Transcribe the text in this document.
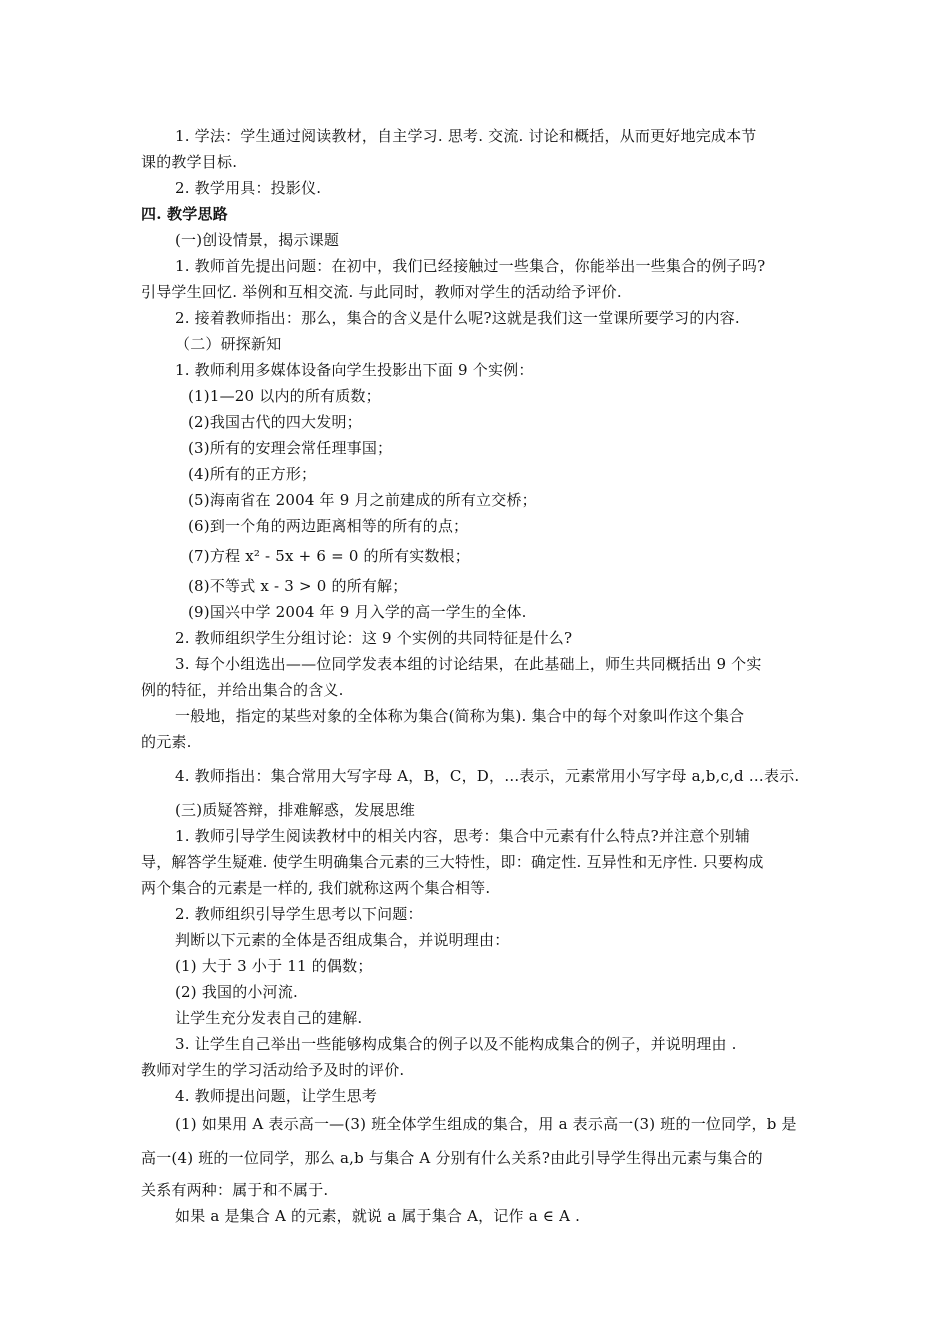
1. 学法：学生通过阅读教材，自主学习. 思考. 交流. 讨论和概括，从而更好地完成本节
课的教学目标.
2. 教学用具：投影仪.
四. 教学思路
(一)创设情景，揭示课题
1. 教师首先提出问题：在初中，我们已经接触过一些集合，你能举出一些集合的例子吗?
引导学生回忆. 举例和互相交流. 与此同时，教师对学生的活动给予评价.
2. 接着教师指出：那么，集合的含义是什么呢?这就是我们这一堂课所要学习的内容.
（二）研探新知
1. 教师利用多媒体设备向学生投影出下面 9 个实例：
(1)1—20 以内的所有质数；
(2)我国古代的四大发明；
(3)所有的安理会常任理事国；
(4)所有的正方形；
(5)海南省在 2004 年 9 月之前建成的所有立交桥；
(6)到一个角的两边距离相等的所有的点；
(7)方程 x² - 5x + 6 = 0 的所有实数根；
(8)不等式 x - 3 > 0 的所有解；
(9)国兴中学 2004 年 9 月入学的高一学生的全体.
2. 教师组织学生分组讨论：这 9 个实例的共同特征是什么?
3. 每个小组选出——位同学发表本组的讨论结果，在此基础上，师生共同概括出 9 个实
例的特征，并给出集合的含义.
一般地，指定的某些对象的全体称为集合(简称为集). 集合中的每个对象叫作这个集合
的元素.
4. 教师指出：集合常用大写字母 A，B，C，D，…表示，元素常用小写字母 a,b,c,d …表示.
(三)质疑答辩，排难解惑，发展思维
1. 教师引导学生阅读教材中的相关内容，思考：集合中元素有什么特点?并注意个别辅
导，解答学生疑难. 使学生明确集合元素的三大特性，即：确定性. 互异性和无序性. 只要构成
两个集合的元素是一样的, 我们就称这两个集合相等.
2. 教师组织引导学生思考以下问题：
判断以下元素的全体是否组成集合，并说明理由：
(1) 大于 3 小于 11 的偶数；
(2) 我国的小河流.
让学生充分发表自己的建解.
3. 让学生自己举出一些能够构成集合的例子以及不能构成集合的例子，并说明理由 .
教师对学生的学习活动给予及时的评价.
4. 教师提出问题，让学生思考
(1) 如果用 A 表示高一—(3) 班全体学生组成的集合，用 a 表示高一(3) 班的一位同学，b 是
高一(4) 班的一位同学，那么 a,b 与集合 A 分别有什么关系?由此引导学生得出元素与集合的
关系有两种：属于和不属于.
如果 a 是集合 A 的元素，就说 a 属于集合 A，记作 a ∈ A .
